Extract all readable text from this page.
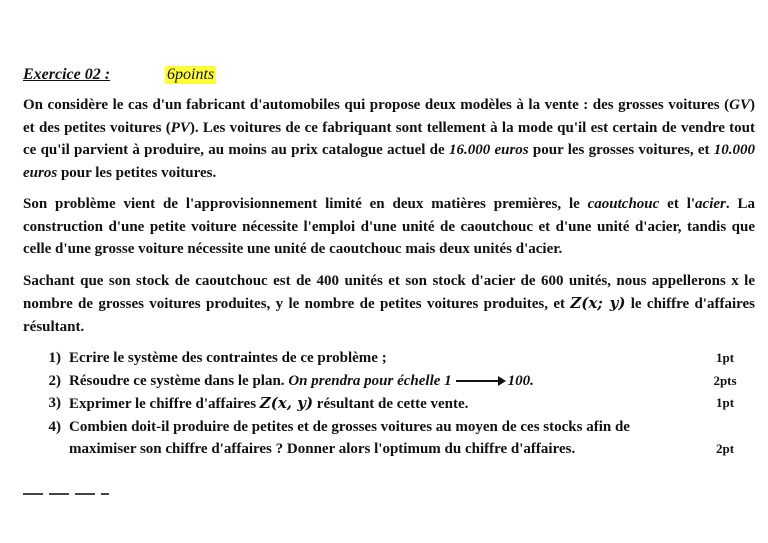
Exercice 02 :	6points

On considère le cas d'un fabricant d'automobiles qui propose deux modèles à la vente : des grosses voitures (GV) et des petites voitures (PV). Les voitures de ce fabriquant sont tellement à la mode qu'il est certain de vendre tout ce qu'il parvient à produire, au moins au prix catalogue actuel de 16.000 euros pour les grosses voitures, et 10.000 euros pour les petites voitures.

Son problème vient de l'approvisionnement limité en deux matières premières, le caoutchouc et l'acier. La construction d'une petite voiture nécessite l'emploi d'une unité de caoutchouc et d'une unité d'acier, tandis que celle d'une grosse voiture nécessite une unité de caoutchouc mais deux unités d'acier.

Sachant que son stock de caoutchouc est de 400 unités et son stock d'acier de 600 unités, nous appellerons x le nombre de grosses voitures produites, y le nombre de petites voitures produites, et Z(x; y) le chiffre d'affaires résultant.

1) Ecrire le système des contraintes de ce problème ;	1pt
2) Résoudre ce système dans le plan. On prendra pour échelle 1	100.	2pts
3) Exprimer le chiffre d'affaires Z(x, y) résultant de cette vente.	1pt
4) Combien doit-il produire de petites et de grosses voitures au moyen de ces stocks afin de maximiser son chiffre d'affaires ? Donner alors l'optimum du chiffre d'affaires.	2pt
